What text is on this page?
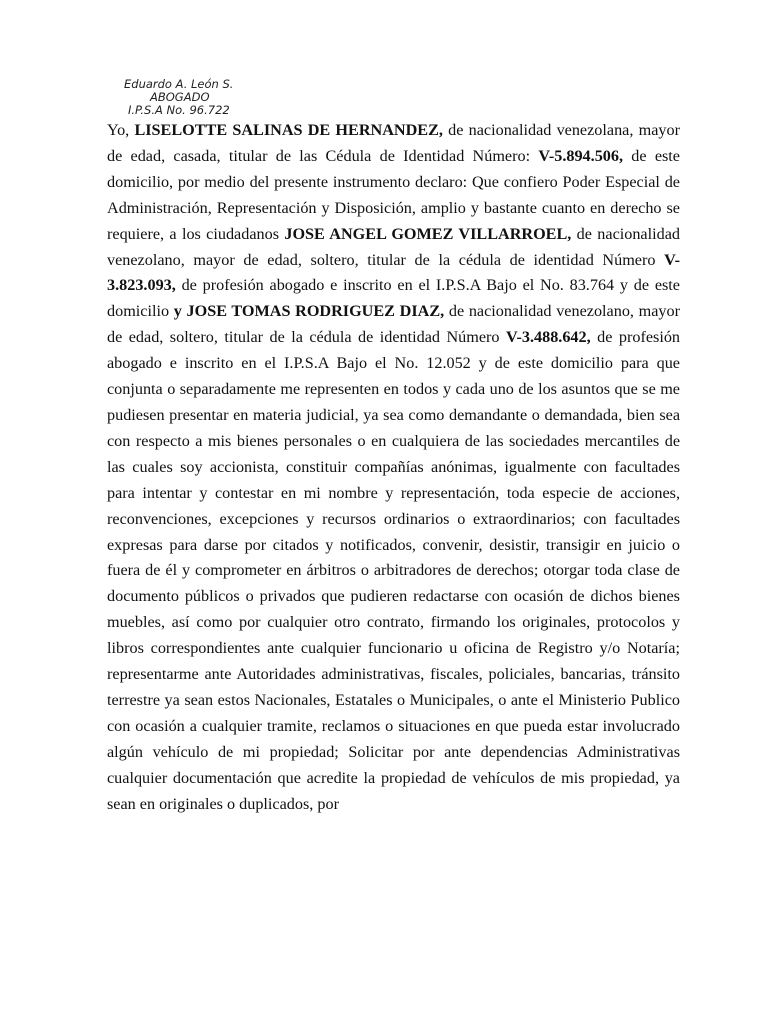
Eduardo A. León S.
ABOGADO
I.P.S.A No. 96.722
Yo, LISELOTTE SALINAS DE HERNANDEZ, de nacionalidad venezolana, mayor de edad, casada, titular de las Cédula de Identidad Número: V-5.894.506, de este domicilio, por medio del presente instrumento declaro: Que confiero Poder Especial de Administración, Representación y Disposición, amplio y bastante cuanto en derecho se requiere, a los ciudadanos JOSE ANGEL GOMEZ VILLARROEL, de nacionalidad venezolano, mayor de edad, soltero, titular de la cédula de identidad Número V-3.823.093, de profesión abogado e inscrito en el I.P.S.A Bajo el No. 83.764 y de este domicilio y JOSE TOMAS RODRIGUEZ DIAZ, de nacionalidad venezolano, mayor de edad, soltero, titular de la cédula de identidad Número V-3.488.642, de profesión abogado e inscrito en el I.P.S.A Bajo el No. 12.052 y de este domicilio para que conjunta o separadamente me representen en todos y cada uno de los asuntos que se me pudiesen presentar en materia judicial, ya sea como demandante o demandada, bien sea con respecto a mis bienes personales o en cualquiera de las sociedades mercantiles de las cuales soy accionista, constituir compañías anónimas, igualmente con facultades para intentar y contestar en mi nombre y representación, toda especie de acciones, reconvenciones, excepciones y recursos ordinarios o extraordinarios; con facultades expresas para darse por citados y notificados, convenir, desistir, transigir en juicio o fuera de él y comprometer en árbitros o arbitradores de derechos; otorgar toda clase de documento públicos o privados que pudieren redactarse con ocasión de dichos bienes muebles, así como por cualquier otro contrato, firmando los originales, protocolos y libros correspondientes ante cualquier funcionario u oficina de Registro y/o Notaría; representarme ante Autoridades administrativas, fiscales, policiales, bancarias, tránsito terrestre ya sean estos Nacionales, Estatales o Municipales, o ante el Ministerio Publico con ocasión a cualquier tramite, reclamos o situaciones en que pueda estar involucrado algún vehículo de mi propiedad; Solicitar por ante dependencias Administrativas cualquier documentación que acredite la propiedad de vehículos de mis propiedad, ya sean en originales o duplicados, por
